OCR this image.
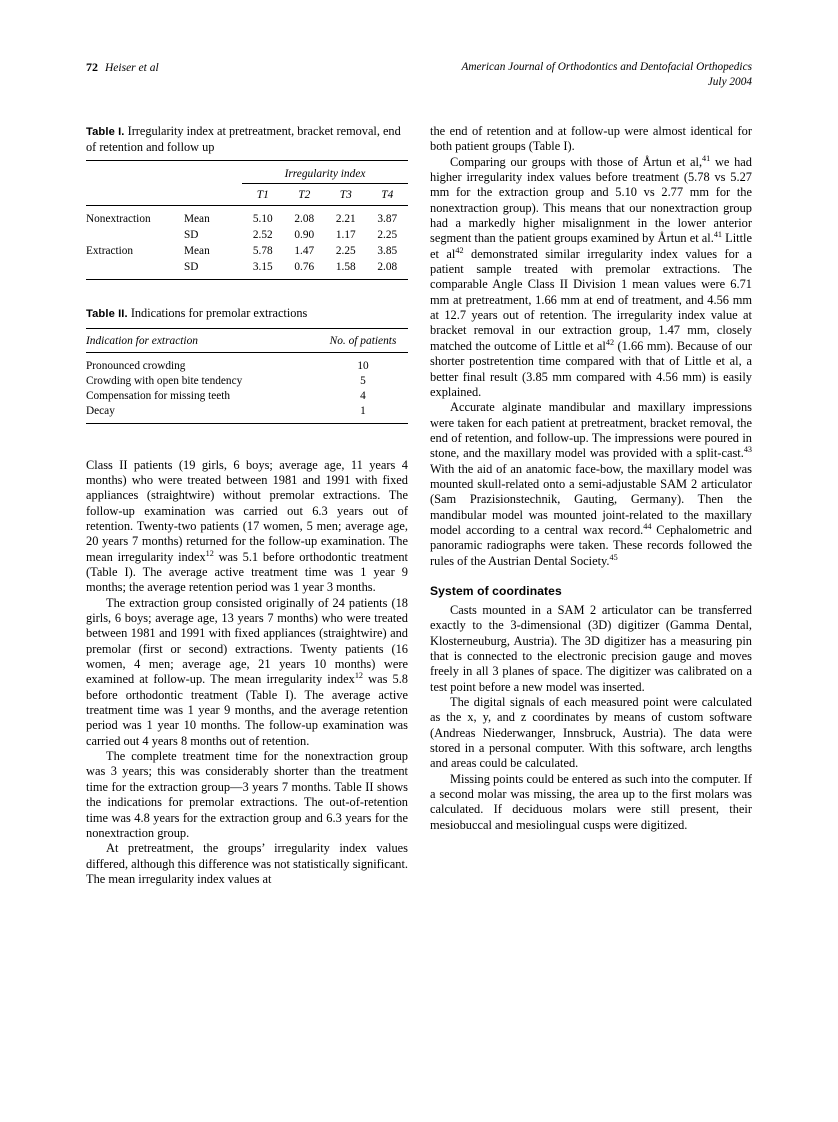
72 Heiser et al	American Journal of Orthodontics and Dentofacial Orthopedics
July 2004
Table I. Irregularity index at pretreatment, bracket removal, end of retention and follow up
		Irregularity index			
		T1	T2	T3	T4
Nonextraction	Mean	5.10	2.08	2.21	3.87
	SD	2.52	0.90	1.17	2.25
Extraction	Mean	5.78	1.47	2.25	3.85
	SD	3.15	0.76	1.58	2.08
Table II. Indications for premolar extractions
Indication for extraction	No. of patients
Pronounced crowding	10
Crowding with open bite tendency	5
Compensation for missing teeth	4
Decay	1

Class II patients (19 girls, 6 boys; average age, 11 years 4 months) who were treated between 1981 and 1991 with fixed appliances (straightwire) without premolar extractions. The follow-up examination was carried out 6.3 years out of retention. Twenty-two patients (17 women, 5 men; average age, 20 years 7 months) returned for the follow-up examination. The mean irregularity index$^{12}$ was 5.1 before orthodontic treatment (Table I). The average active treatment time was 1 year 9 months; the average retention period was 1 year 3 months.

The extraction group consisted originally of 24 patients (18 girls, 6 boys; average age, 13 years 7 months) who were treated between 1981 and 1991 with fixed appliances (straightwire) and premolar (first or second) extractions. Twenty patients (16 women, 4 men; average age, 21 years 10 months) were examined at follow-up. The mean irregularity index$^{12}$ was 5.8 before orthodontic treatment (Table I). The average active treatment time was 1 year 9 months, and the average retention period was 1 year 10 months. The follow-up examination was carried out 4 years 8 months out of retention.

The complete treatment time for the nonextraction group was 3 years; this was considerably shorter than the treatment time for the extraction group—3 years 7 months. Table II shows the indications for premolar extractions. The out-of-retention time was 4.8 years for the extraction group and 6.3 years for the nonextraction group.

At pretreatment, the groups’ irregularity index values differed, although this difference was not statistically significant. The mean irregularity index values at

the end of retention and at follow-up were almost identical for both patient groups (Table I).

Comparing our groups with those of Årtun et al,$^{41}$ we had higher irregularity index values before treatment (5.78 vs 5.27 mm for the extraction group and 5.10 vs 2.77 mm for the nonextraction group). This means that our nonextraction group had a markedly higher misalignment in the lower anterior segment than the patient groups examined by Årtun et al.$^{41}$ Little et $al^{42}$ demonstrated similar irregularity index values for a patient sample treated with premolar extractions. The comparable Angle Class II Division 1 mean values were 6.71 mm at pretreatment, 1.66 mm at end of treatment, and 4.56 mm at 12.7 years out of retention. The irregularity index value at bracket removal in our extraction group, 1.47 mm, closely matched the outcome of Little et $al^{42}$ (1.66 mm). Because of our shorter postretention time compared with that of Little et al, a better final result (3.85 mm compared with 4.56 mm) is easily explained.

Accurate alginate mandibular and maxillary impressions were taken for each patient at pretreatment, bracket removal, the end of retention, and follow-up. The impressions were poured in stone, and the maxillary model was provided with a split-cast.$^{43}$ With the aid of an anatomic face-bow, the maxillary model was mounted skull-related onto a semi-adjustable SAM 2 articulator (Sam Prazisionstechnik, Gauting, Germany). Then the mandibular model was mounted joint-related to the maxillary model according to a central wax record.$^{44}$ Cephalometric and panoramic radiographs were taken. These records followed the rules of the Austrian Dental Society.$^{45}$

System of coordinates

Casts mounted in a SAM 2 articulator can be transferred exactly to the 3-dimensional (3D) digitizer (Gamma Dental, Klosterneuburg, Austria). The 3D digitizer has a measuring pin that is connected to the electronic precision gauge and moves freely in all 3 planes of space. The digitizer was calibrated on a test point before a new model was inserted.

The digital signals of each measured point were calculated as the x, y, and z coordinates by means of custom software (Andreas Niederwanger, Innsbruck, Austria). The data were stored in a personal computer. With this software, arch lengths and areas could be calculated.

Missing points could be entered as such into the computer. If a second molar was missing, the area up to the first molars was calculated. If deciduous molars were still present, their mesiobuccal and mesiolingual cusps were digitized.
